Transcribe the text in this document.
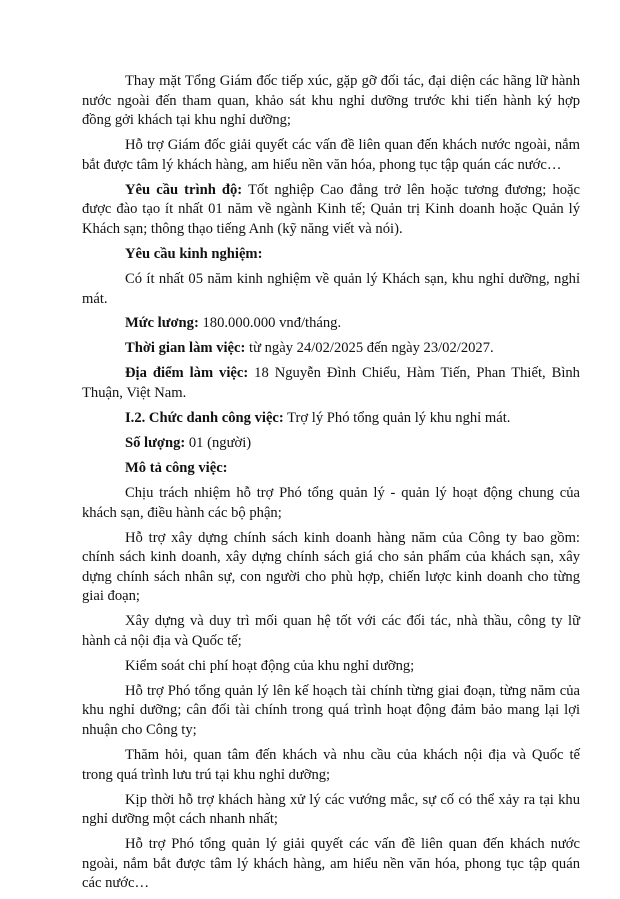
Thay mặt Tổng Giám đốc tiếp xúc, gặp gỡ đối tác, đại diện các hãng lữ hành nước ngoài đến tham quan, khảo sát khu nghỉ dưỡng trước khi tiến hành ký hợp đồng gởi khách tại khu nghỉ dưỡng;

Hỗ trợ Giám đốc giải quyết các vấn đề liên quan đến khách nước ngoài, nắm bắt được tâm lý khách hàng, am hiểu nền văn hóa, phong tục tập quán các nước…

Yêu cầu trình độ: Tốt nghiệp Cao đẳng trở lên hoặc tương đương; hoặc được đào tạo ít nhất 01 năm về ngành Kinh tế; Quản trị Kinh doanh hoặc Quản lý Khách sạn; thông thạo tiếng Anh (kỹ năng viết và nói).

Yêu cầu kinh nghiệm:

Có ít nhất 05 năm kinh nghiệm về quản lý Khách sạn, khu nghỉ dưỡng, nghỉ mát.

Mức lương: 180.000.000 vnđ/tháng.

Thời gian làm việc: từ ngày 24/02/2025 đến ngày 23/02/2027.

Địa điểm làm việc: 18 Nguyễn Đình Chiểu, Hàm Tiến, Phan Thiết, Bình Thuận, Việt Nam.

I.2. Chức danh công việc: Trợ lý Phó tổng quản lý khu nghỉ mát.

Số lượng: 01 (người)

Mô tả công việc:

Chịu trách nhiệm hỗ trợ Phó tổng quản lý - quản lý hoạt động chung của khách sạn, điều hành các bộ phận;

Hỗ trợ xây dựng chính sách kinh doanh hàng năm của Công ty bao gồm: chính sách kinh doanh, xây dựng chính sách giá cho sản phẩm của khách sạn, xây dựng chính sách nhân sự, con người cho phù hợp, chiến lược kinh doanh cho từng giai đoạn;

Xây dựng và duy trì mối quan hệ tốt với các đối tác, nhà thầu, công ty lữ hành cả nội địa và Quốc tế;

Kiểm soát chi phí hoạt động của khu nghỉ dưỡng;

Hỗ trợ Phó tổng quản lý lên kế hoạch tài chính từng giai đoạn, từng năm của khu nghỉ dưỡng; cân đối tài chính trong quá trình hoạt động đảm bảo mang lại lợi nhuận cho Công ty;

Thăm hỏi, quan tâm đến khách và nhu cầu của khách nội địa và Quốc tế trong quá trình lưu trú tại khu nghỉ dưỡng;

Kịp thời hỗ trợ khách hàng xử lý các vướng mắc, sự cố có thể xảy ra tại khu nghỉ dưỡng một cách nhanh nhất;

Hỗ trợ Phó tổng quản lý giải quyết các vấn đề liên quan đến khách nước ngoài, nắm bắt được tâm lý khách hàng, am hiểu nền văn hóa, phong tục tập quán các nước…
